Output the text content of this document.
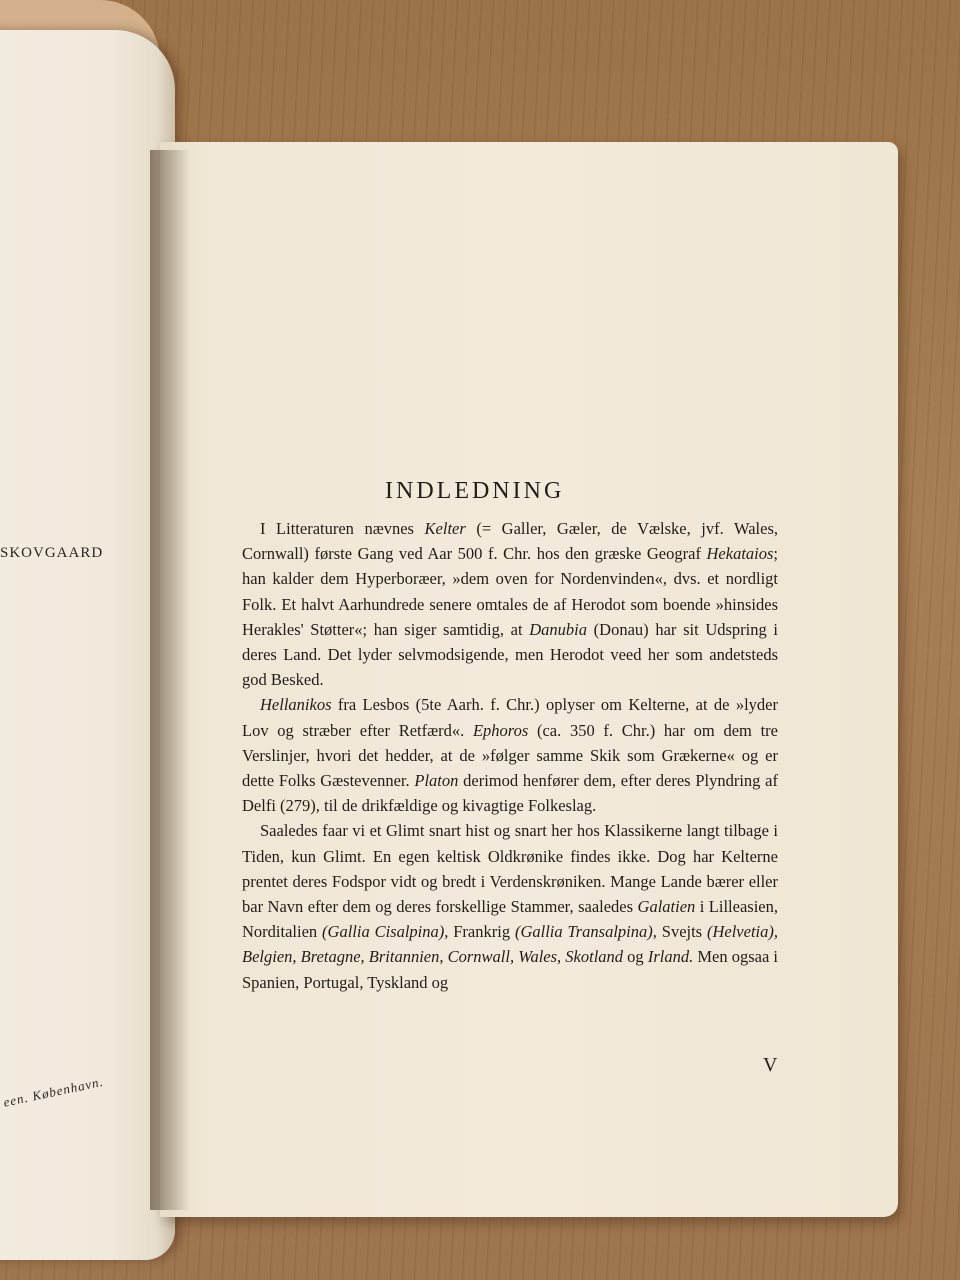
SKOVGAARD
een. København.
INDLEDNING

I Litteraturen nævnes Kelter (= Galler, Gæler, de Vælske, jvf. Wales, Cornwall) første Gang ved Aar 500 f. Chr. hos den græske Geograf Hekataios; han kalder dem Hyperboræer, »dem oven for Nordenvinden«, dvs. et nordligt Folk. Et halvt Aarhundrede senere omtales de af Herodot som boende »hinsides Herakles' Støtter«; han siger samtidig, at Danubia (Donau) har sit Udspring i deres Land. Det lyder selvmodsigende, men Herodot veed her som andetsteds god Besked.

Hellanikos fra Lesbos (5te Aarh. f. Chr.) oplyser om Kelterne, at de »lyder Lov og stræber efter Retfærd«. Ephoros (ca. 350 f. Chr.) har om dem tre Verslinjer, hvori det hedder, at de »følger samme Skik som Grækerne« og er dette Folks Gæstevenner. Platon derimod henfører dem, efter deres Plyndring af Delfi (279), til de drikfældige og kivagtige Folkeslag.

Saaledes faar vi et Glimt snart hist og snart her hos Klassikerne langt tilbage i Tiden, kun Glimt. En egen keltisk Oldkrønike findes ikke. Dog har Kelterne prentet deres Fodspor vidt og bredt i Verdenskrøniken. Mange Lande bærer eller bar Navn efter dem og deres forskellige Stammer, saaledes Galatien i Lilleasien, Norditalien (Gallia Cisalpina), Frankrig (Gallia Transalpina), Svejts (Helvetia), Belgien, Bretagne, Britannien, Cornwall, Wales, Skotland og Irland. Men ogsaa i Spanien, Portugal, Tyskland og

V
